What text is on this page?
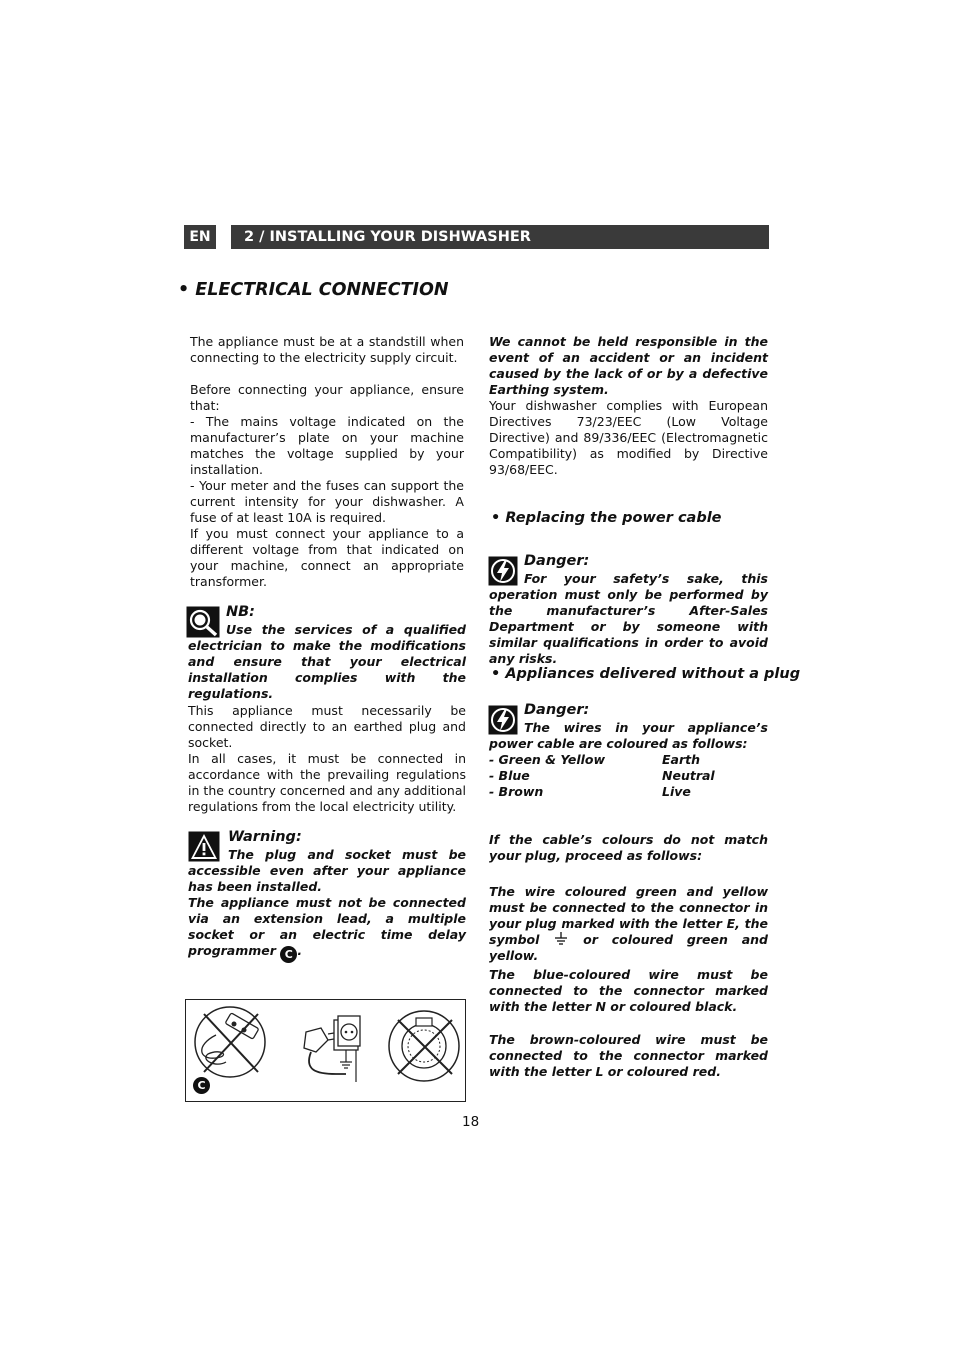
EN	2 / INSTALLING YOUR DISHWASHER
• ELECTRICAL CONNECTION
The appliance must be at a standstill when connecting to the electricity supply circuit.
Before connecting your appliance, ensure that:
- The mains voltage indicated on the manufacturer’s plate on your machine matches the voltage supplied by your installation.
- Your meter and the fuses can support the current intensity for your dishwasher. A fuse of at least 10A is required.
If you must connect your appliance to a different voltage from that indicated on your machine, connect an appropriate transformer.
NB:
Use the services of a qualified electrician to make the modifications and ensure that your electrical installation complies with the regulations.
This appliance must necessarily be connected directly to an earthed plug and socket.
In all cases, it must be connected in accordance with the prevailing regulations in the country concerned and any additional regulations from the local electricity utility.
Warning:
The plug and socket must be accessible even after your appliance has been installed.
The appliance must not be connected via an extension lead, a multiple socket or an electric time delay programmer C .
C
We cannot be held responsible in the event of an accident or an incident caused by the lack of or by a defective Earthing system.
Your dishwasher complies with European Directives 73/23/EEC (Low Voltage Directive) and 89/336/EEC (Electromagnetic Compatibility) as modified by Directive 93/68/EEC.
• Replacing the power cable
Danger:
For your safety’s sake, this operation must only be performed by the manufacturer’s After-Sales Department or by someone with similar qualifications in order to avoid any risks.
• Appliances delivered without a plug
Danger:
The wires in your appliance’s power cable are coloured as follows:
- Green & Yellow	Earth
- Blue	Neutral
- Brown	Live
If the cable’s colours do not match your plug, proceed as follows:
The wire coloured green and yellow must be connected to the connector in your plug marked with the letter E, the symbol	or coloured green and yellow.
The blue-coloured wire must be connected to the connector marked with the letter N or coloured black.
The brown-coloured wire must be connected to the connector marked with the letter L or coloured red.
18
